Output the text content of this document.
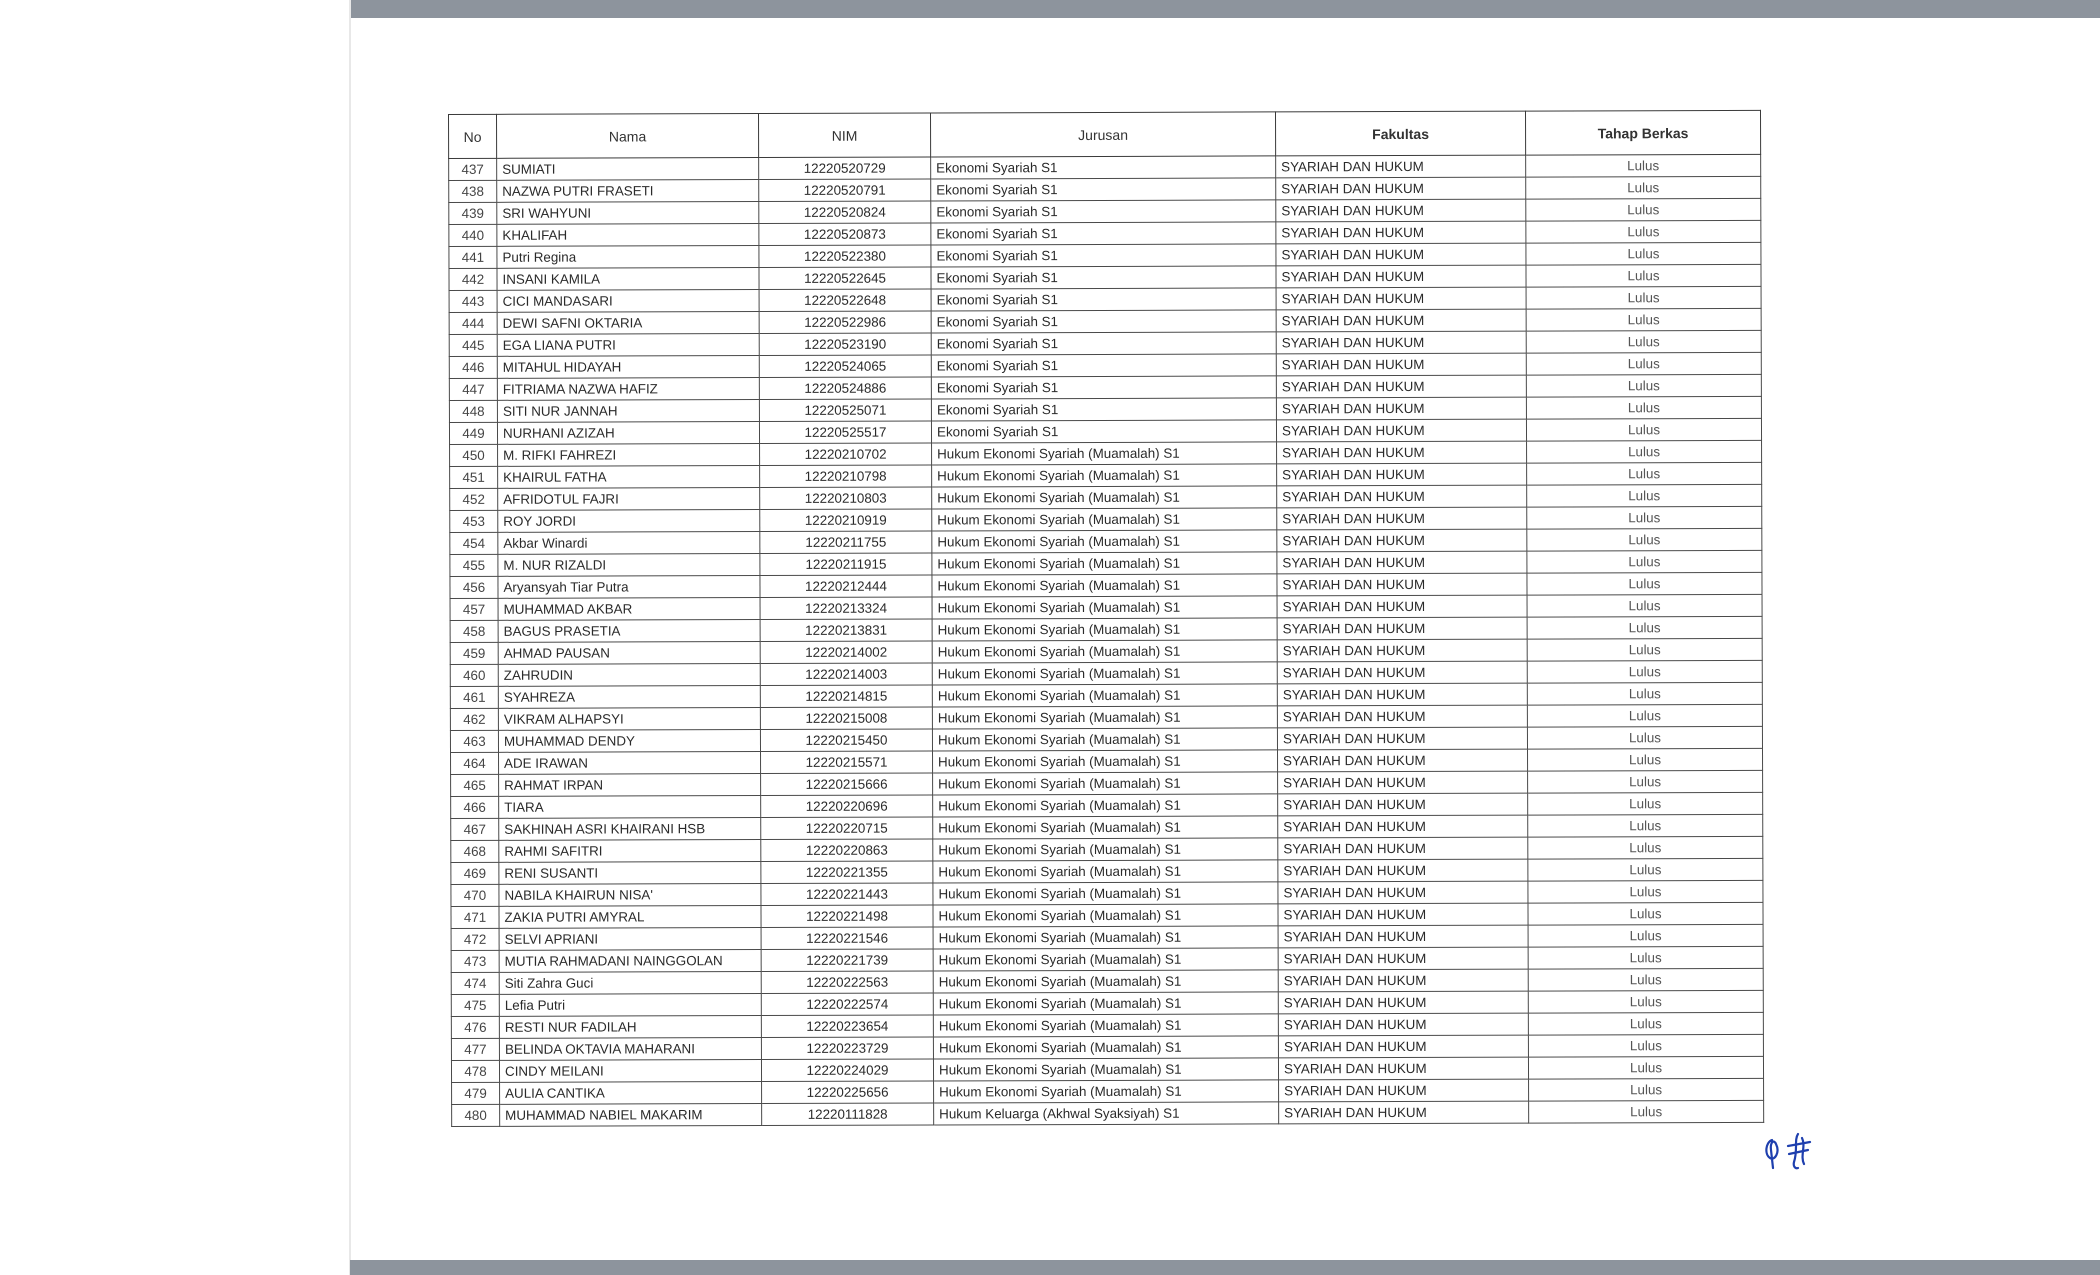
No	Nama	NIM	Jurusan	Fakultas	Tahap Berkas
437	SUMIATI	12220520729	Ekonomi Syariah S1	SYARIAH DAN HUKUM	Lulus
438	NAZWA PUTRI FRASETI	12220520791	Ekonomi Syariah S1	SYARIAH DAN HUKUM	Lulus
439	SRI WAHYUNI	12220520824	Ekonomi Syariah S1	SYARIAH DAN HUKUM	Lulus
440	KHALIFAH	12220520873	Ekonomi Syariah S1	SYARIAH DAN HUKUM	Lulus
441	Putri Regina	12220522380	Ekonomi Syariah S1	SYARIAH DAN HUKUM	Lulus
442	INSANI KAMILA	12220522645	Ekonomi Syariah S1	SYARIAH DAN HUKUM	Lulus
443	CICI MANDASARI	12220522648	Ekonomi Syariah S1	SYARIAH DAN HUKUM	Lulus
444	DEWI SAFNI OKTARIA	12220522986	Ekonomi Syariah S1	SYARIAH DAN HUKUM	Lulus
445	EGA LIANA PUTRI	12220523190	Ekonomi Syariah S1	SYARIAH DAN HUKUM	Lulus
446	MITAHUL HIDAYAH	12220524065	Ekonomi Syariah S1	SYARIAH DAN HUKUM	Lulus
447	FITRIAMA NAZWA HAFIZ	12220524886	Ekonomi Syariah S1	SYARIAH DAN HUKUM	Lulus
448	SITI NUR JANNAH	12220525071	Ekonomi Syariah S1	SYARIAH DAN HUKUM	Lulus
449	NURHANI AZIZAH	12220525517	Ekonomi Syariah S1	SYARIAH DAN HUKUM	Lulus
450	M. RIFKI FAHREZI	12220210702	Hukum Ekonomi Syariah (Muamalah) S1	SYARIAH DAN HUKUM	Lulus
451	KHAIRUL FATHA	12220210798	Hukum Ekonomi Syariah (Muamalah) S1	SYARIAH DAN HUKUM	Lulus
452	AFRIDOTUL FAJRI	12220210803	Hukum Ekonomi Syariah (Muamalah) S1	SYARIAH DAN HUKUM	Lulus
453	ROY JORDI	12220210919	Hukum Ekonomi Syariah (Muamalah) S1	SYARIAH DAN HUKUM	Lulus
454	Akbar Winardi	12220211755	Hukum Ekonomi Syariah (Muamalah) S1	SYARIAH DAN HUKUM	Lulus
455	M. NUR RIZALDI	12220211915	Hukum Ekonomi Syariah (Muamalah) S1	SYARIAH DAN HUKUM	Lulus
456	Aryansyah Tiar Putra	12220212444	Hukum Ekonomi Syariah (Muamalah) S1	SYARIAH DAN HUKUM	Lulus
457	MUHAMMAD AKBAR	12220213324	Hukum Ekonomi Syariah (Muamalah) S1	SYARIAH DAN HUKUM	Lulus
458	BAGUS PRASETIA	12220213831	Hukum Ekonomi Syariah (Muamalah) S1	SYARIAH DAN HUKUM	Lulus
459	AHMAD PAUSAN	12220214002	Hukum Ekonomi Syariah (Muamalah) S1	SYARIAH DAN HUKUM	Lulus
460	ZAHRUDIN	12220214003	Hukum Ekonomi Syariah (Muamalah) S1	SYARIAH DAN HUKUM	Lulus
461	SYAHREZA	12220214815	Hukum Ekonomi Syariah (Muamalah) S1	SYARIAH DAN HUKUM	Lulus
462	VIKRAM ALHAPSYI	12220215008	Hukum Ekonomi Syariah (Muamalah) S1	SYARIAH DAN HUKUM	Lulus
463	MUHAMMAD DENDY	12220215450	Hukum Ekonomi Syariah (Muamalah) S1	SYARIAH DAN HUKUM	Lulus
464	ADE IRAWAN	12220215571	Hukum Ekonomi Syariah (Muamalah) S1	SYARIAH DAN HUKUM	Lulus
465	RAHMAT IRPAN	12220215666	Hukum Ekonomi Syariah (Muamalah) S1	SYARIAH DAN HUKUM	Lulus
466	TIARA	12220220696	Hukum Ekonomi Syariah (Muamalah) S1	SYARIAH DAN HUKUM	Lulus
467	SAKHINAH ASRI KHAIRANI HSB	12220220715	Hukum Ekonomi Syariah (Muamalah) S1	SYARIAH DAN HUKUM	Lulus
468	RAHMI SAFITRI	12220220863	Hukum Ekonomi Syariah (Muamalah) S1	SYARIAH DAN HUKUM	Lulus
469	RENI SUSANTI	12220221355	Hukum Ekonomi Syariah (Muamalah) S1	SYARIAH DAN HUKUM	Lulus
470	NABILA KHAIRUN NISA'	12220221443	Hukum Ekonomi Syariah (Muamalah) S1	SYARIAH DAN HUKUM	Lulus
471	ZAKIA PUTRI AMYRAL	12220221498	Hukum Ekonomi Syariah (Muamalah) S1	SYARIAH DAN HUKUM	Lulus
472	SELVI APRIANI	12220221546	Hukum Ekonomi Syariah (Muamalah) S1	SYARIAH DAN HUKUM	Lulus
473	MUTIA RAHMADANI NAINGGOLAN	12220221739	Hukum Ekonomi Syariah (Muamalah) S1	SYARIAH DAN HUKUM	Lulus
474	Siti Zahra Guci	12220222563	Hukum Ekonomi Syariah (Muamalah) S1	SYARIAH DAN HUKUM	Lulus
475	Lefia Putri	12220222574	Hukum Ekonomi Syariah (Muamalah) S1	SYARIAH DAN HUKUM	Lulus
476	RESTI NUR FADILAH	12220223654	Hukum Ekonomi Syariah (Muamalah) S1	SYARIAH DAN HUKUM	Lulus
477	BELINDA OKTAVIA MAHARANI	12220223729	Hukum Ekonomi Syariah (Muamalah) S1	SYARIAH DAN HUKUM	Lulus
478	CINDY MEILANI	12220224029	Hukum Ekonomi Syariah (Muamalah) S1	SYARIAH DAN HUKUM	Lulus
479	AULIA CANTIKA	12220225656	Hukum Ekonomi Syariah (Muamalah) S1	SYARIAH DAN HUKUM	Lulus
480	MUHAMMAD NABIEL MAKARIM	12220111828	Hukum Keluarga (Akhwal Syaksiyah) S1	SYARIAH DAN HUKUM	Lulus
